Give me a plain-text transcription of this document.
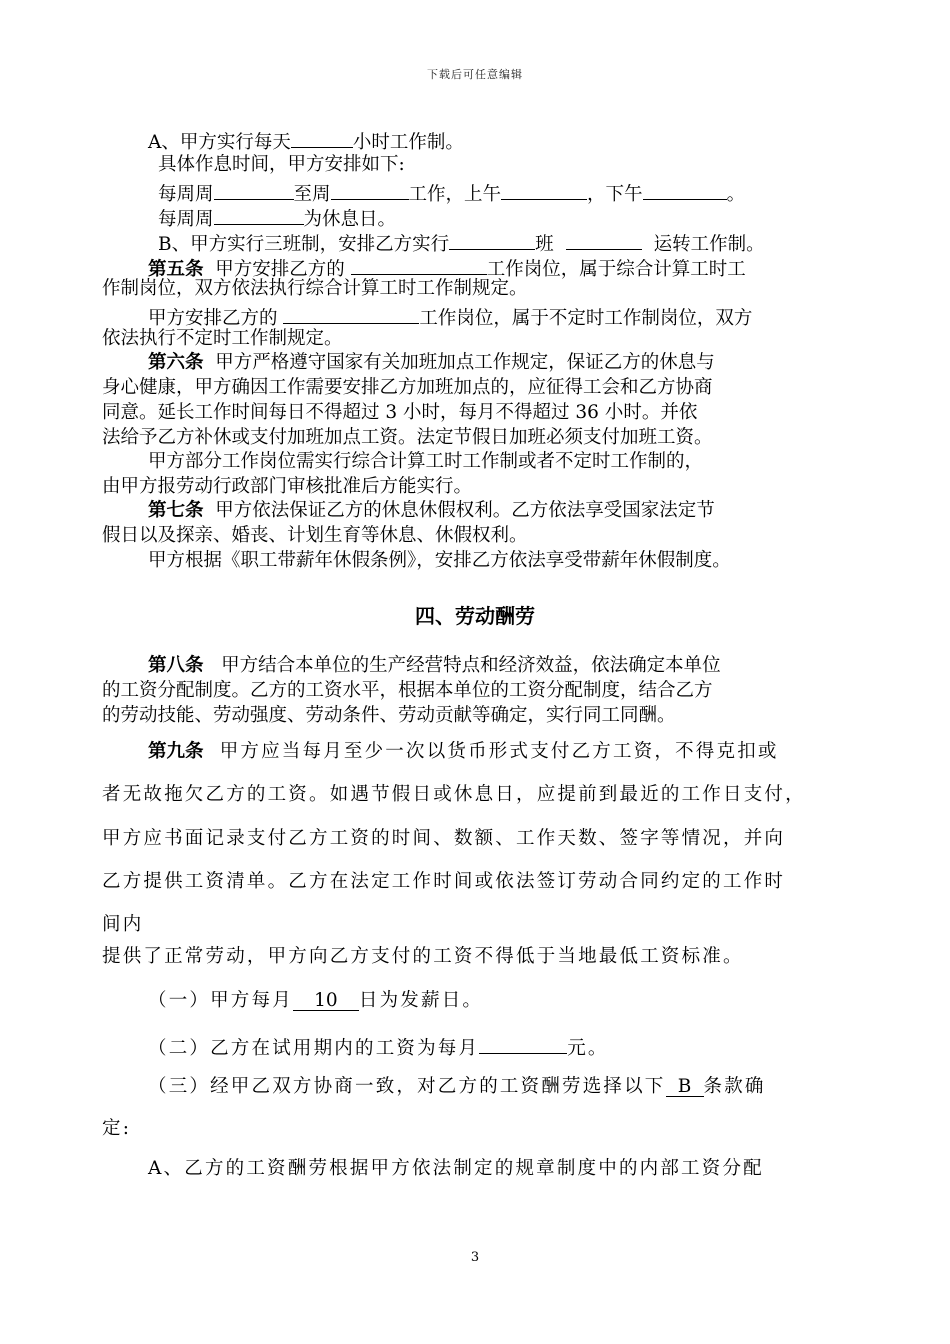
下载后可任意编辑
A、甲方实行每天	小时工作制。
具体作息时间，甲方安排如下:
每周周	至周	工作，上午	，下午	。
每周周	为休息日。
B、甲方实行三班制，安排乙方实行	班	运转工作制。
第五条 甲方安排乙方的	工作岗位，属于综合计算工时工
作制岗位，双方依法执行综合计算工时工作制规定。
甲方安排乙方的	工作岗位，属于不定时工作制岗位，双方
依法执行不定时工作制规定。
第六条 甲方严格遵守国家有关加班加点工作规定，保证乙方的休息与
身心健康，甲方确因工作需要安排乙方加班加点的，应征得工会和乙方协商
同意。延长工作时间每日不得超过 3 小时，每月不得超过 36 小时。并依
法给予乙方补休或支付加班加点工资。法定节假日加班必须支付加班工资。
甲方部分工作岗位需实行综合计算工时工作制或者不定时工作制的，
由甲方报劳动行政部门审核批准后方能实行。
第七条 甲方依法保证乙方的休息休假权利。乙方依法享受国家法定节
假日以及探亲、婚丧、计划生育等休息、休假权利。
甲方根据《职工带薪年休假条例》，安排乙方依法享受带薪年休假制度。
四、劳动酬劳
第八条 甲方结合本单位的生产经营特点和经济效益，依法确定本单位
的工资分配制度。乙方的工资水平，根据本单位的工资分配制度，结合乙方
的劳动技能、劳动强度、劳动条件、劳动贡献等确定，实行同工同酬。
第九条 甲方应当每月至少一次以货币形式支付乙方工资，不得克扣或
者无故拖欠乙方的工资。如遇节假日或休息日，应提前到最近的工作日支付，
甲方应书面记录支付乙方工资的时间、数额、工作天数、签字等情况，并向
乙方提供工资清单。乙方在法定工作时间或依法签订劳动合同约定的工作时
间内
提供了正常劳动，甲方向乙方支付的工资不得低于当地最低工资标准。
（一）甲方每月 10 日为发薪日。
（二）乙方在试用期内的工资为每月	元。
（三）经甲乙双方协商一致，对乙方的工资酬劳选择以下 B 条款确
定:
A、乙方的工资酬劳根据甲方依法制定的规章制度中的内部工资分配
3
